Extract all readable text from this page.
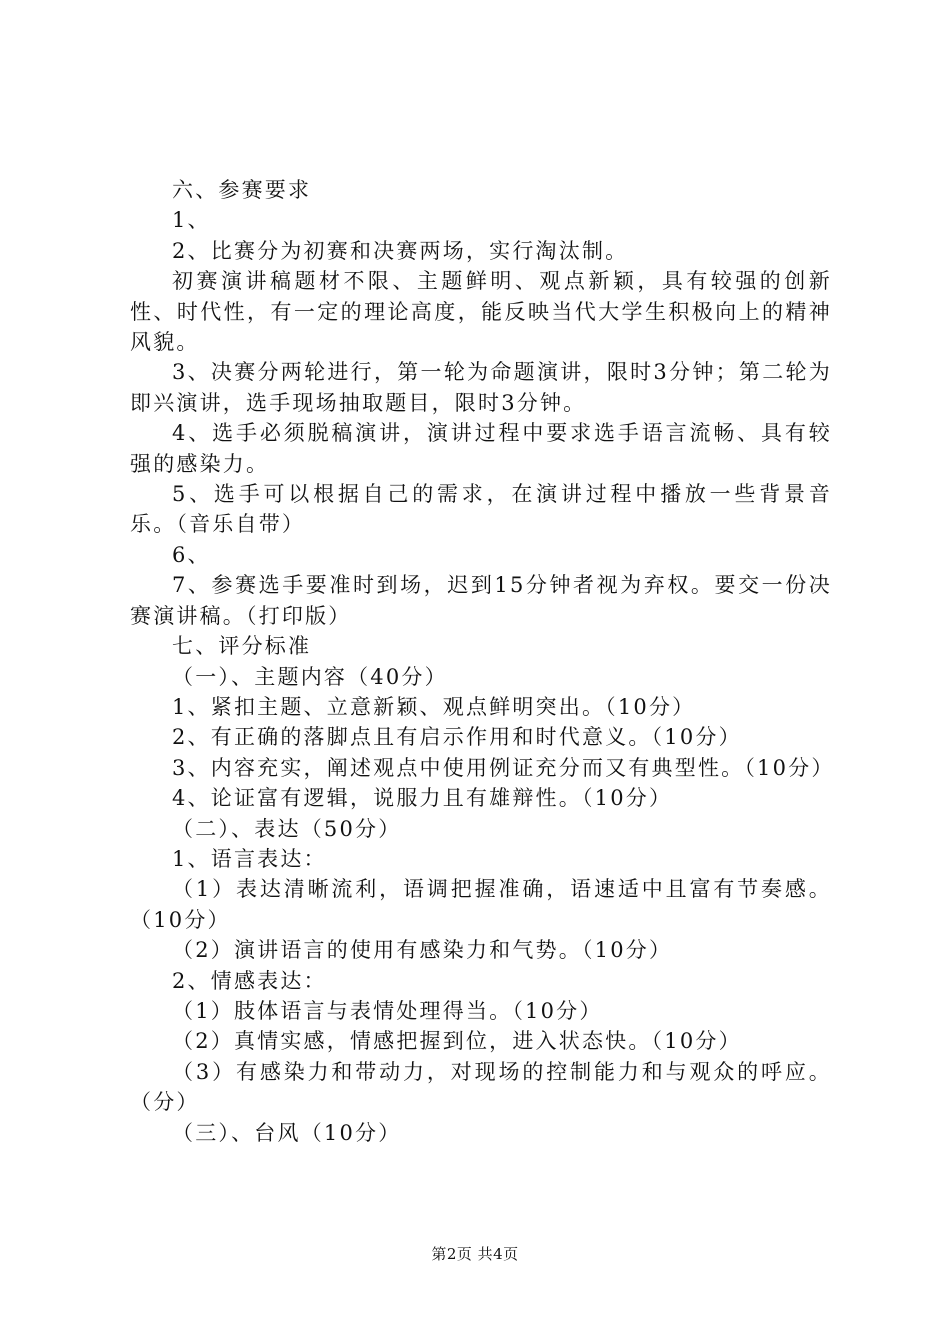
六、参赛要求

1、

2、比赛分为初赛和决赛两场，实行淘汰制。

初赛演讲稿题材不限、主题鲜明、观点新颖，具有较强的创新性、时代性，有一定的理论高度，能反映当代大学生积极向上的精神风貌。

3、决赛分两轮进行，第一轮为命题演讲，限时3分钟；第二轮为即兴演讲，选手现场抽取题目，限时3分钟。

4、选手必须脱稿演讲，演讲过程中要求选手语言流畅、具有较强的感染力。

5、选手可以根据自己的需求，在演讲过程中播放一些背景音乐。（音乐自带）

6、

7、参赛选手要准时到场，迟到15分钟者视为弃权。要交一份决赛演讲稿。（打印版）

七、评分标准

（一）、主题内容（40分）

1、紧扣主题、立意新颖、观点鲜明突出。（10分）

2、有正确的落脚点且有启示作用和时代意义。（10分）

3、内容充实，阐述观点中使用例证充分而又有典型性。（10分）

4、论证富有逻辑，说服力且有雄辩性。（10分）

（二）、表达（50分）

1、语言表达：

（1）表达清晰流利，语调把握准确，语速适中且富有节奏感。（10分）

（2）演讲语言的使用有感染力和气势。（10分）

2、情感表达：

（1）肢体语言与表情处理得当。（10分）

（2）真情实感，情感把握到位，进入状态快。（10分）

（3）有感染力和带动力，对现场的控制能力和与观众的呼应。（分）

（三）、台风（10分）

第2页 共4页
